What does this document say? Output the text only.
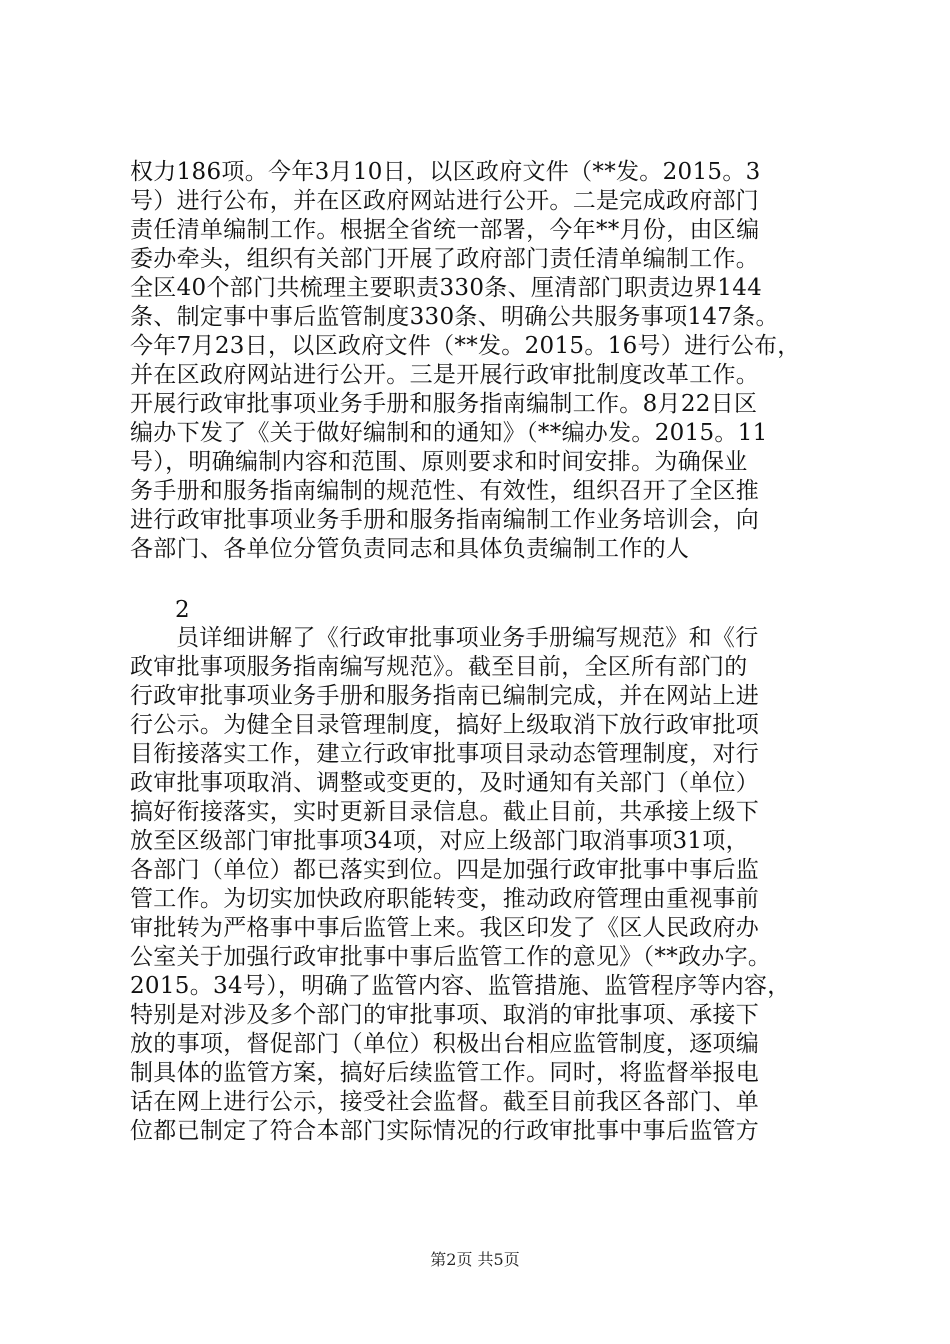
权力186项。今年3月10日，以区政府文件（**发。2015。3
号）进行公布，并在区政府网站进行公开。二是完成政府部门
责任清单编制工作。根据全省统一部署，今年**月份，由区编
委办牵头，组织有关部门开展了政府部门责任清单编制工作。
全区40个部门共梳理主要职责330条、厘清部门职责边界144
条、制定事中事后监管制度330条、明确公共服务事项147条。
今年7月23日，以区政府文件（**发。2015。16号）进行公布，
并在区政府网站进行公开。三是开展行政审批制度改革工作。
开展行政审批事项业务手册和服务指南编制工作。8月22日区
编办下发了《关于做好编制和的通知》（**编办发。2015。11
号），明确编制内容和范围、原则要求和时间安排。为确保业
务手册和服务指南编制的规范性、有效性，组织召开了全区推
进行政审批事项业务手册和服务指南编制工作业务培训会，向
各部门、各单位分管负责同志和具体负责编制工作的人
2
员详细讲解了《行政审批事项业务手册编写规范》和《行
政审批事项服务指南编写规范》。截至目前，全区所有部门的
行政审批事项业务手册和服务指南已编制完成，并在网站上进
行公示。为健全目录管理制度，搞好上级取消下放行政审批项
目衔接落实工作，建立行政审批事项目录动态管理制度，对行
政审批事项取消、调整或变更的，及时通知有关部门（单位）
搞好衔接落实，实时更新目录信息。截止目前，共承接上级下
放至区级部门审批事项34项，对应上级部门取消事项31项，
各部门（单位）都已落实到位。四是加强行政审批事中事后监
管工作。为切实加快政府职能转变，推动政府管理由重视事前
审批转为严格事中事后监管上来。我区印发了《区人民政府办
公室关于加强行政审批事中事后监管工作的意见》（**政办字。
2015。34号），明确了监管内容、监管措施、监管程序等内容，
特别是对涉及多个部门的审批事项、取消的审批事项、承接下
放的事项，督促部门（单位）积极出台相应监管制度，逐项编
制具体的监管方案，搞好后续监管工作。同时，将监督举报电
话在网上进行公示，接受社会监督。截至目前我区各部门、单
位都已制定了符合本部门实际情况的行政审批事中事后监管方
第2页 共5页
